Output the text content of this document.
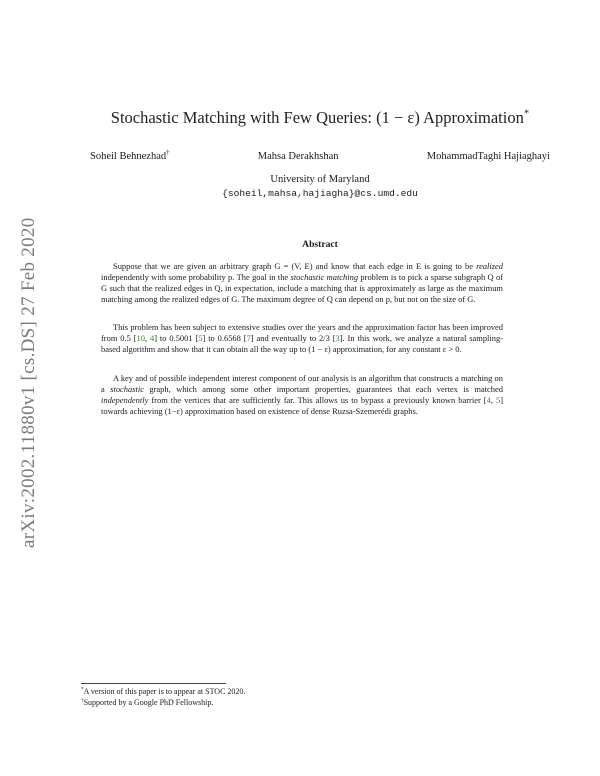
arXiv:2002.11880v1 [cs.DS] 27 Feb 2020
Stochastic Matching with Few Queries: (1 − ε) Approximation*
Soheil Behnezhad†	Mahsa Derakhshan	MohammadTaghi Hajiaghayi
University of Maryland
{soheil,mahsa,hajiagha}@cs.umd.edu
Abstract

Suppose that we are given an arbitrary graph G = (V, E) and know that each edge in E is going to be realized independently with some probability p. The goal in the stochastic matching problem is to pick a sparse subgraph Q of G such that the realized edges in Q, in expectation, include a matching that is approximately as large as the maximum matching among the realized edges of G. The maximum degree of Q can depend on p, but not on the size of G.

This problem has been subject to extensive studies over the years and the approximation factor has been improved from 0.5 [10, 4] to 0.5001 [5] to 0.6568 [7] and eventually to 2/3 [3]. In this work, we analyze a natural sampling-based algorithm and show that it can obtain all the way up to (1 − ε) approximation, for any constant ε > 0.

A key and of possible independent interest component of our analysis is an algorithm that constructs a matching on a stochastic graph, which among some other important properties, guarantees that each vertex is matched independently from the vertices that are sufficiently far. This allows us to bypass a previously known barrier [4, 5] towards achieving (1−ε) approximation based on existence of dense Ruzsa-Szemerédi graphs.

*A version of this paper is to appear at STOC 2020.
†Supported by a Google PhD Fellowship.
